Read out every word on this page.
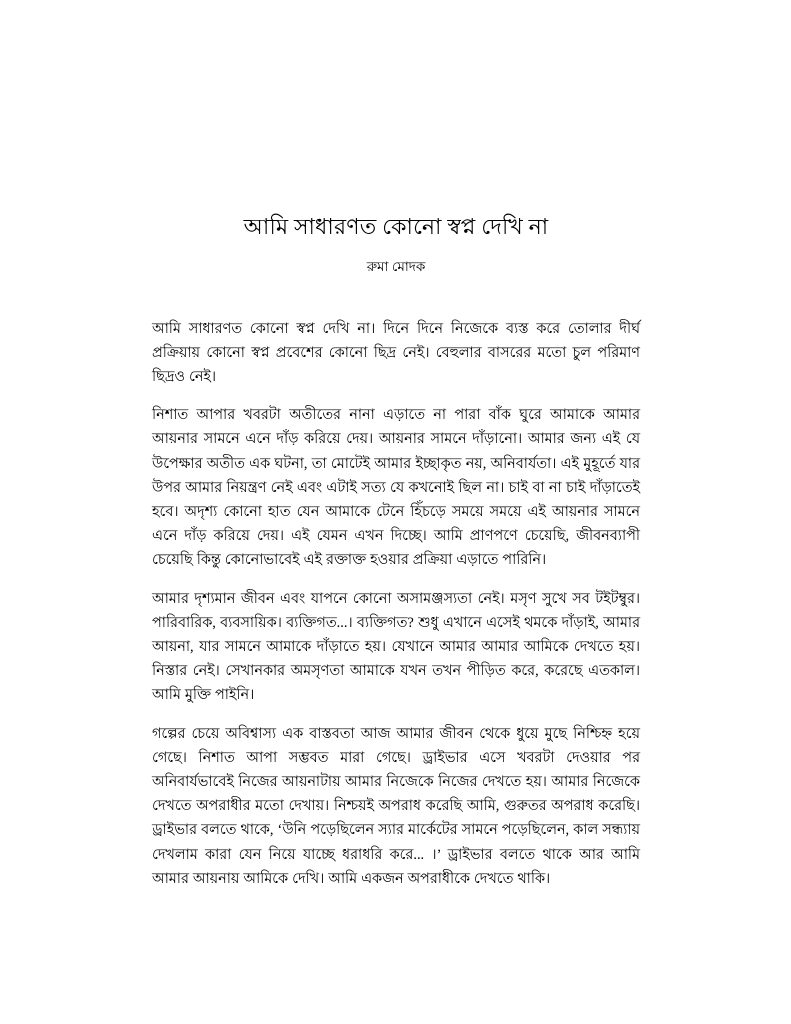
আমি সাধারণত কোনো স্বপ্ন দেখি না

রুমা মোদক

আমি সাধারণত কোনো স্বপ্ন দেখি না। দিনে দিনে নিজেকে ব্যস্ত করে তোলার দীর্ঘ প্রক্রিয়ায় কোনো স্বপ্ন প্রবেশের কোনো ছিদ্র নেই। বেহুলার বাসরের মতো চুল পরিমাণ ছিদ্রও নেই।

নিশাত আপার খবরটা অতীতের নানা এড়াতে না পারা বাঁক ঘুরে আমাকে আমার আয়নার সামনে এনে দাঁড় করিয়ে দেয়। আয়নার সামনে দাঁড়ানো। আমার জন্য এই যে উপেক্ষার অতীত এক ঘটনা, তা মোটেই আমার ইচ্ছাকৃত নয়, অনিবার্যতা। এই মুহূর্তে যার উপর আমার নিয়ন্ত্রণ নেই এবং এটাই সত্য যে কখনোই ছিল না। চাই বা না চাই দাঁড়াতেই হবে। অদৃশ্য কোনো হাত যেন আমাকে টেনে হিঁচড়ে সময়ে সময়ে এই আয়নার সামনে এনে দাঁড় করিয়ে দেয়। এই যেমন এখন দিচ্ছে। আমি প্রাণপণে চেয়েছি, জীবনব্যাপী চেয়েছি কিন্তু কোনোভাবেই এই রক্তাক্ত হওয়ার প্রক্রিয়া এড়াতে পারিনি।

আমার দৃশ্যমান জীবন এবং যাপনে কোনো অসামঞ্জস্যতা নেই। মসৃণ সুখে সব টইটম্বুর। পারিবারিক, ব্যবসায়িক। ব্যক্তিগত...। ব্যক্তিগত? শুধু এখানে এসেই থমকে দাঁড়াই, আমার আয়না, যার সামনে আমাকে দাঁড়াতে হয়। যেখানে আমার আমার আমিকে দেখতে হয়। নিস্তার নেই। সেখানকার অমসৃণতা আমাকে যখন তখন পীড়িত করে, করেছে এতকাল। আমি মুক্তি পাইনি।

গল্পের চেয়ে অবিশ্বাস্য এক বাস্তবতা আজ আমার জীবন থেকে ধুয়ে মুছে নিশ্চিহ্ন হয়ে গেছে। নিশাত আপা সম্ভবত মারা গেছে। ড্রাইভার এসে খবরটা দেওয়ার পর অনিবার্যভাবেই নিজের আয়নাটায় আমার নিজেকে নিজের দেখতে হয়। আমার নিজেকে দেখতে অপরাধীর মতো দেখায়। নিশ্চয়ই অপরাধ করেছি আমি, গুরুতর অপরাধ করেছি। ড্রাইভার বলতে থাকে, ‘উনি পড়েছিলেন স্যার মার্কেটের সামনে পড়েছিলেন, কাল সন্ধ্যায় দেখলাম কারা যেন নিয়ে যাচ্ছে ধরাধরি করে... ।’ ড্রাইভার বলতে থাকে আর আমি আমার আয়নায় আমিকে দেখি। আমি একজন অপরাধীকে দেখতে থাকি।
